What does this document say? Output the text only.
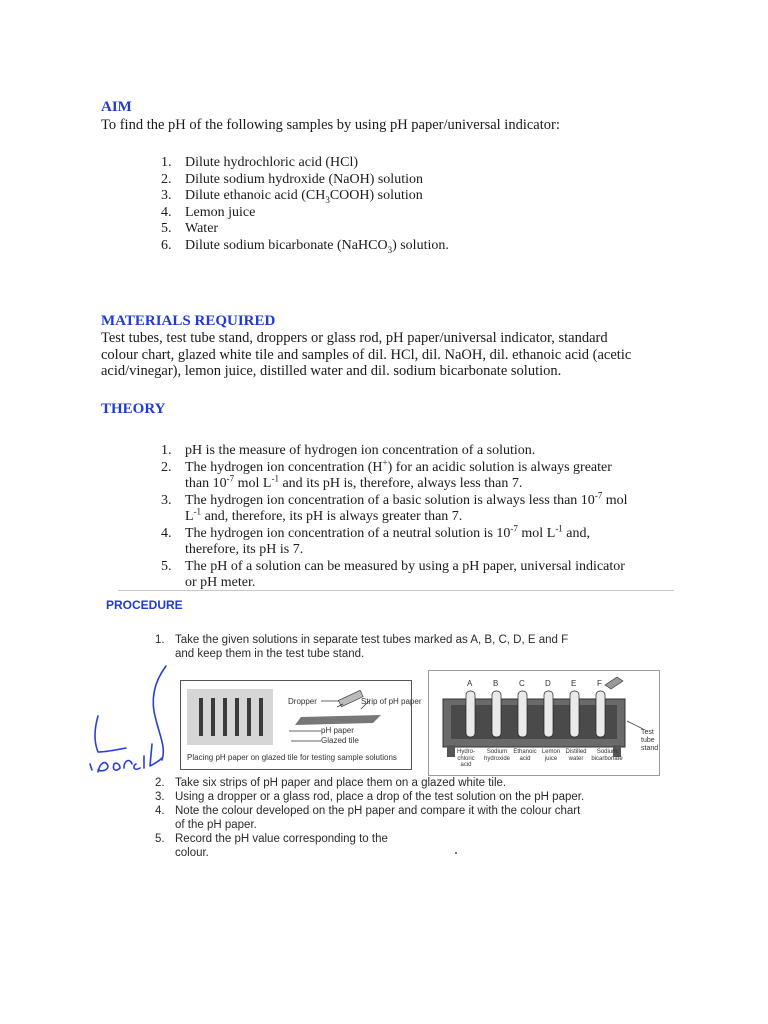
AIM
To find the pH of the following samples by using pH paper/universal indicator:
1. Dilute hydrochloric acid (HCl)
2. Dilute sodium hydroxide (NaOH) solution
3. Dilute ethanoic acid $(CH_3COOH)$ solution
4. Lemon juice
5. Water
6. Dilute sodium bicarbonate (NaHCO$_3$) solution.
MATERIALS REQUIRED
Test tubes, test tube stand, droppers or glass rod, pH paper/universal indicator, standard
colour chart, glazed white tile and samples of dil. HCl, dil. NaOH, dil. ethanoic acid (acetic
acid/vinegar), lemon juice, distilled water and dil. sodium bicarbonate solution.
THEORY
1. pH is the measure of hydrogen ion concentration of a solution.
2. The hydrogen ion concentration (H+) for an acidic solution is always greater
than $10^{-7}$ mol $L^{-1}$ and its pH is, therefore, always less than 7.
3. The hydrogen ion concentration of a basic solution is always less than $10^{-7}$ mol
$L^{-1}$ and, therefore, its pH is always greater than 7.
4. The hydrogen ion concentration of a neutral solution is $10^{-7}$ mol $L^{-1}$ and,
therefore, its pH is 7.
5. The pH of a solution can be measured by using a pH paper, universal indicator
or pH meter.
PROCEDURE
1. Take the given solutions in separate test tubes marked as A, B, C, D, E and F
and keep them in the test tube stand.
Dropper	Strip of pH paper
pH paper
Glazed tile
Placing pH paper on glazed tile for testing sample solutions
A	B	C	D	E	F
Test
tube
stand
Hydro-
chloric
acid
Sodium
hydroxide
Ethanoic
acid
Lemon
juice
Distilled
water
Sodium
bicarbonate
2. Take six strips of pH paper and place them on a glazed white tile.
3. Using a dropper or a glass rod, place a drop of the test solution on the pH paper.
4. Note the colour developed on the pH paper and compare it with the colour chart
of the pH paper.
5. Record the pH value corresponding to the
colour.
